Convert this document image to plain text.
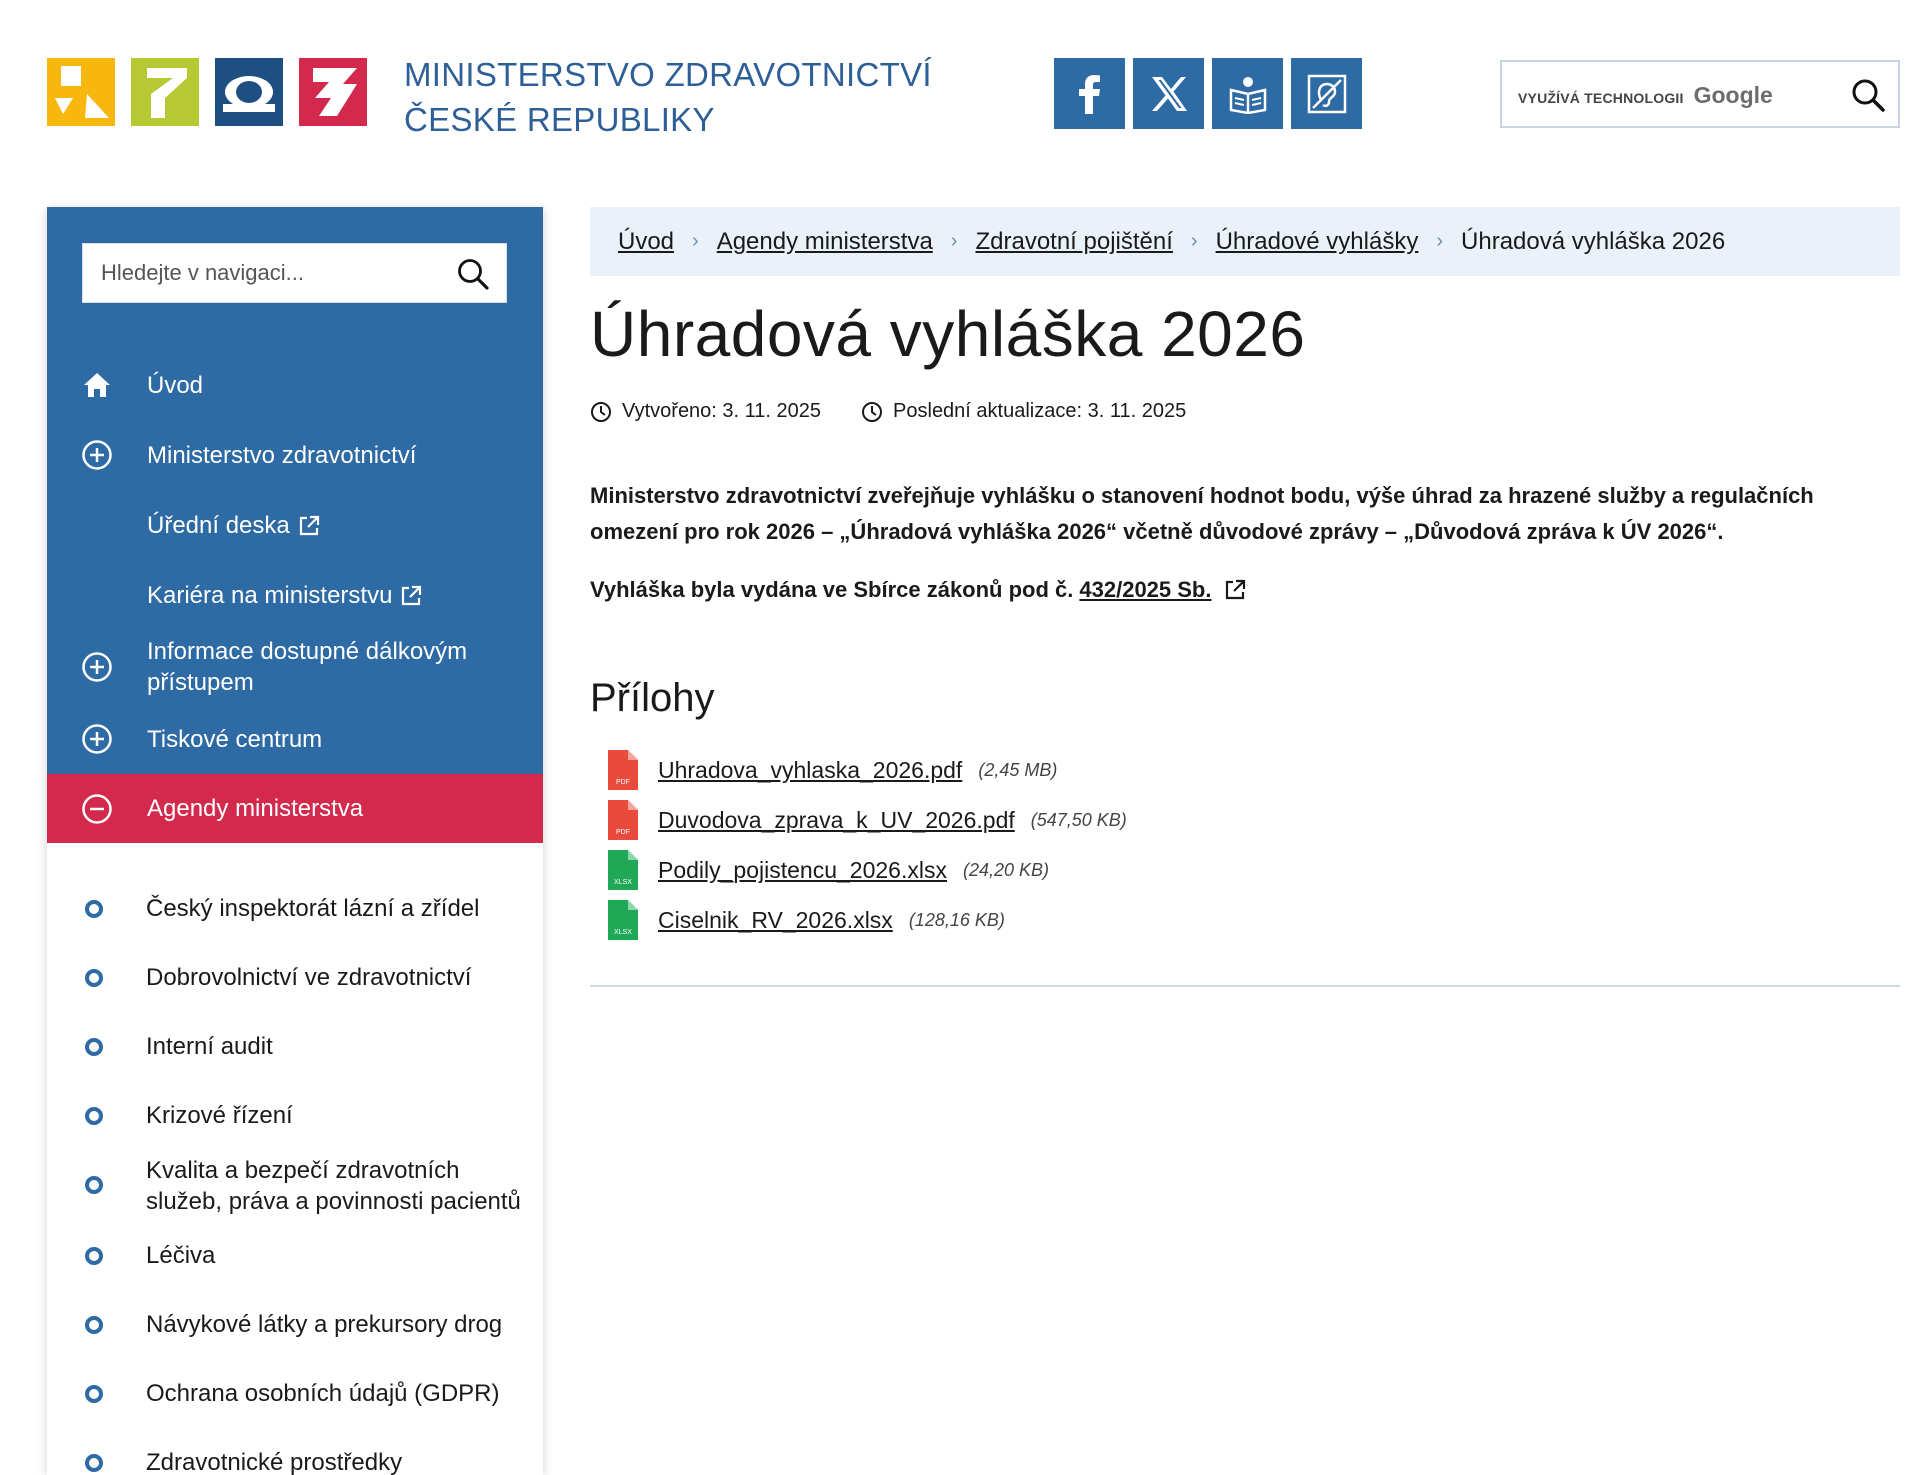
MINISTERSTVO ZDRAVOTNICTVÍ
ČESKÉ REPUBLIKY
VYUŽÍVÁ TECHNOLOGII Google
Hledejte v navigaci...
Úvod
Ministerstvo zdravotnictví
Úřední deska
Kariéra na ministerstvu
Informace dostupné dálkovým přístupem
Tiskové centrum
Agendy ministerstva
Český inspektorát lázní a zřídel
Dobrovolnictví ve zdravotnictví
Interní audit
Krizové řízení
Kvalita a bezpečí zdravotních služeb, práva a povinnosti pacientů
Léčiva
Návykové látky a prekursory drog
Ochrana osobních údajů (GDPR)
Zdravotnické prostředky
Úvod › Agendy ministerstva › Zdravotní pojištění › Úhradové vyhlášky › Úhradová vyhláška 2026
Úhradová vyhláška 2026
Vytvořeno: 3. 11. 2025	Poslední aktualizace: 3. 11. 2025

Ministerstvo zdravotnictví zveřejňuje vyhlášku o stanovení hodnot bodu, výše úhrad za hrazené služby a regulačních omezení pro rok 2026 – „Úhradová vyhláška 2026“ včetně důvodové zprávy – „Důvodová zpráva k ÚV 2026“.

Vyhláška byla vydána ve Sbírce zákonů pod č. 432/2025 Sb.

Přílohy
PDF Uhradova_vyhlaska_2026.pdf (2,45 MB)
PDF Duvodova_zprava_k_UV_2026.pdf (547,50 KB)
XLSX Podily_pojistencu_2026.xlsx (24,20 KB)
XLSX Ciselnik_RV_2026.xlsx (128,16 KB)
